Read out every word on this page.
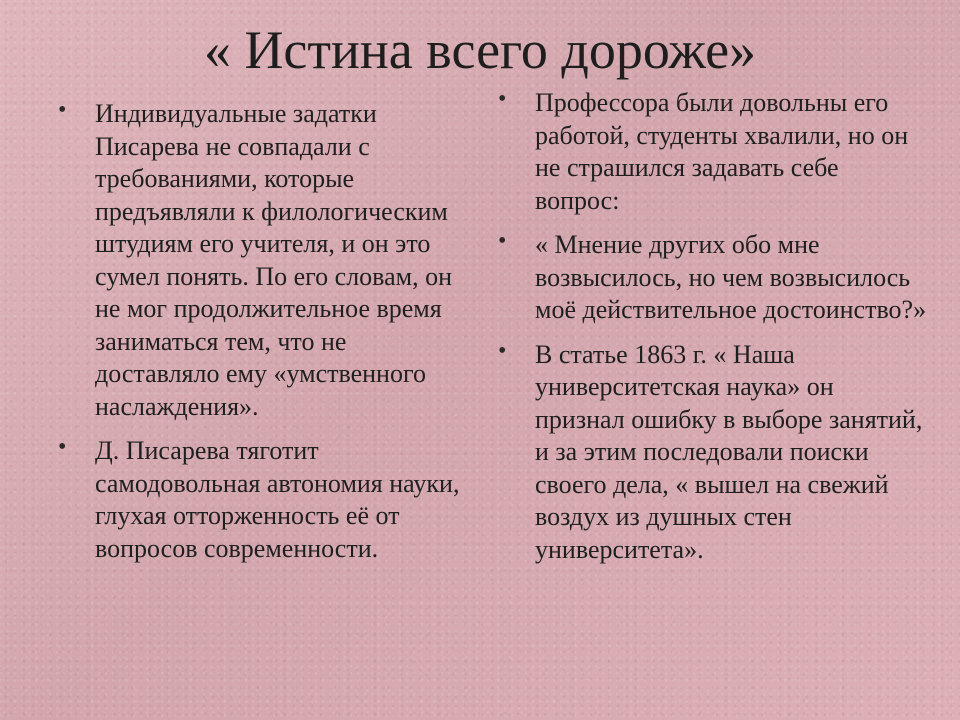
« Истина всего дороже»
• Индивидуальные задатки Писарева не совпадали с требованиями, которые предъявляли к филологическим штудиям его учителя, и он это сумел понять. По его словам, он не мог продолжительное время заниматься тем, что не доставляло ему «умственного наслаждения».
• Д. Писарева тяготит самодовольная автономия науки, глухая отторженность её от вопросов современности.
• Профессора были довольны его работой, студенты хвалили, но он не страшился задавать себе вопрос:
• « Мнение других обо мне возвысилось, но чем возвысилось моё действительное достоинство?»
• В статье 1863 г. « Наша университетская наука» он признал ошибку в выборе занятий, и за этим последовали поиски своего дела, « вышел на свежий воздух из душных стен университета».
